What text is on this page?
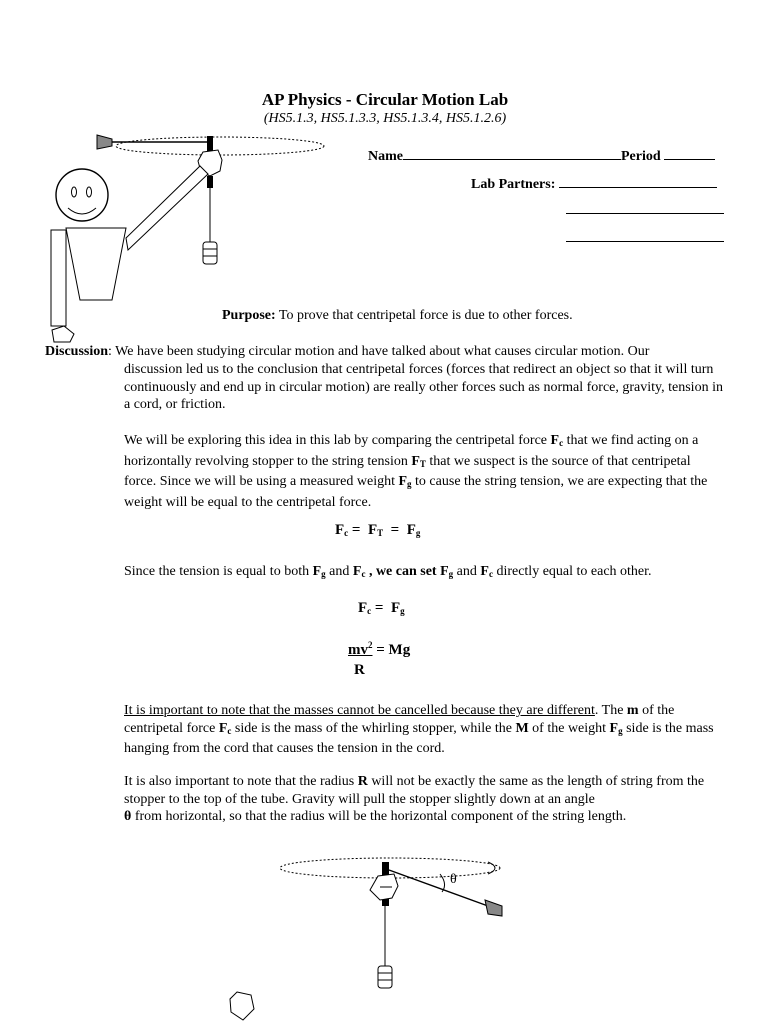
AP Physics - Circular Motion Lab
(HS5.1.3, HS5.1.3.3, HS5.1.3.4, HS5.1.2.6)
Name	Period
Lab Partners:
Purpose: To prove that centripetal force is due to other forces.
Discussion: We have been studying circular motion and have talked about what causes circular motion. Our
discussion led us to the conclusion that centripetal forces (forces that redirect an object so that it will turn continuously and end up in circular motion) are really other forces such as normal force, gravity, tension in a cord, or friction.
We will be exploring this idea in this lab by comparing the centripetal force $F_c$ that we find acting on a horizontally revolving stopper to the string tension $F_T$ that we suspect is the source of that centripetal force. Since we will be using a measured weight $F_g$ to cause the string tension, we are expecting that the weight will be equal to the centripetal force.
$F_c = F_T = F_g$
Since the tension is equal to both $F_g$ and $F_c$ , we can set $F_g$ and $F_c$ directly equal to each other.
$F_c = F_g$
$mv^2 = Mg$
R
It is important to note that the masses cannot be cancelled because they are different. The m of the centripetal force $F_c$ side is the mass of the whirling stopper, while the M of the weight $F_g$ side is the mass hanging from the cord that causes the tension in the cord.
It is also important to note that the radius R will not be exactly the same as the length of string from the stopper to the top of the tube. Gravity will pull the stopper slightly down at an angle
θ from horizontal, so that the radius will be the horizontal component of the string length.
θ
